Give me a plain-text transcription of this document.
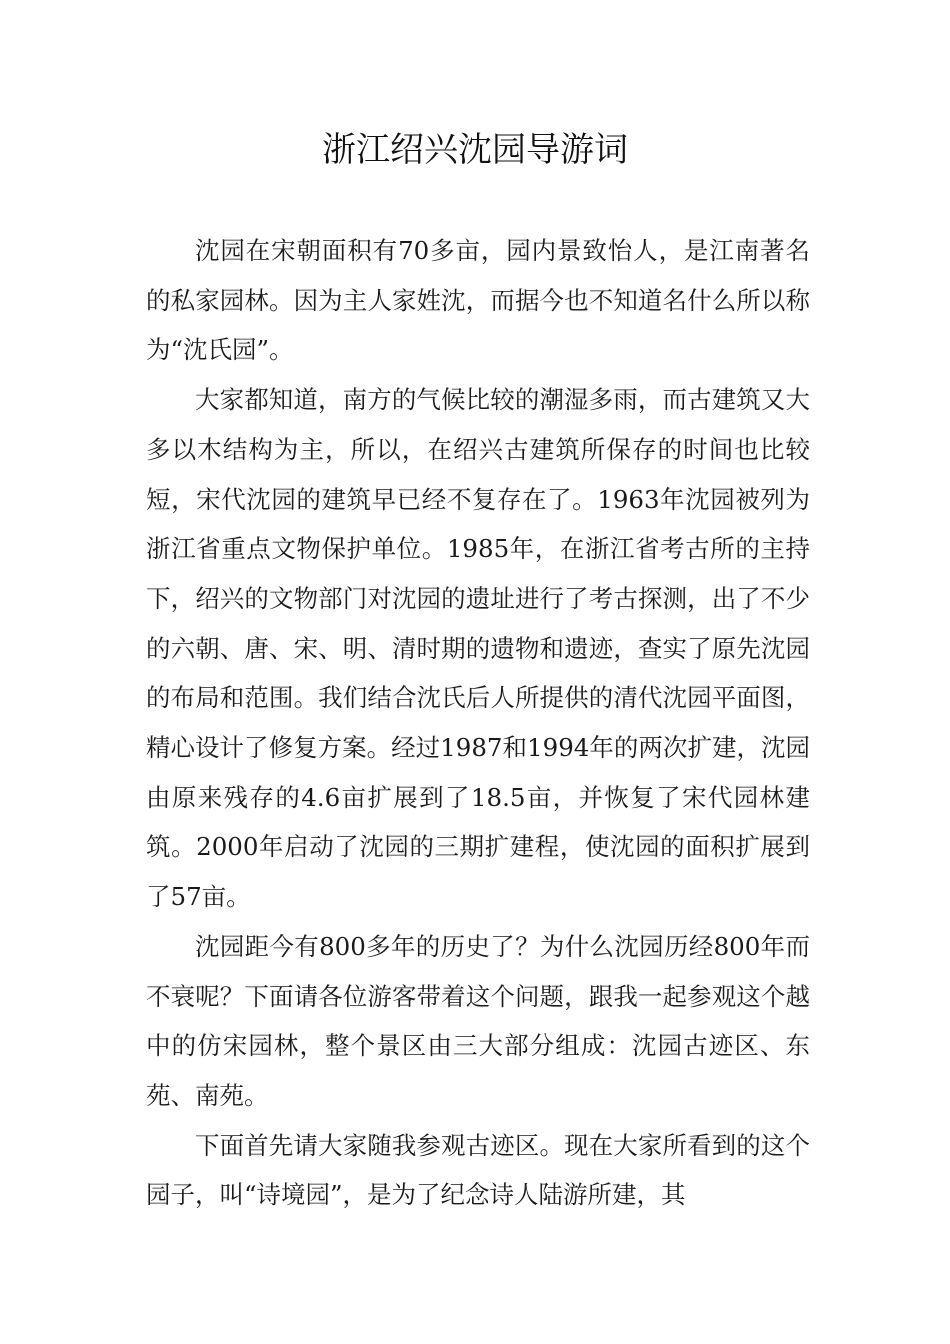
浙江绍兴沈园导游词

沈园在宋朝面积有70多亩，园内景致怡人，是江南著名的私家园林。因为主人家姓沈，而据今也不知道名什么所以称为“沈氏园”。

大家都知道，南方的气候比较的潮湿多雨，而古建筑又大多以木结构为主，所以，在绍兴古建筑所保存的时间也比较短，宋代沈园的建筑早已经不复存在了。1963年沈园被列为浙江省重点文物保护单位。1985年，在浙江省考古所的主持下，绍兴的文物部门对沈园的遗址进行了考古探测，出了不少的六朝、唐、宋、明、清时期的遗物和遗迹，查实了原先沈园的布局和范围。我们结合沈氏后人所提供的清代沈园平面图，精心设计了修复方案。经过1987和1994年的两次扩建，沈园由原来残存的4.6亩扩展到了18.5亩，并恢复了宋代园林建筑。2000年启动了沈园的三期扩建程，使沈园的面积扩展到了57亩。

沈园距今有800多年的历史了？为什么沈园历经800年而不衰呢？下面请各位游客带着这个问题，跟我一起参观这个越中的仿宋园林，整个景区由三大部分组成：沈园古迹区、东苑、南苑。

下面首先请大家随我参观古迹区。现在大家所看到的这个园子，叫“诗境园”，是为了纪念诗人陆游所建，其
